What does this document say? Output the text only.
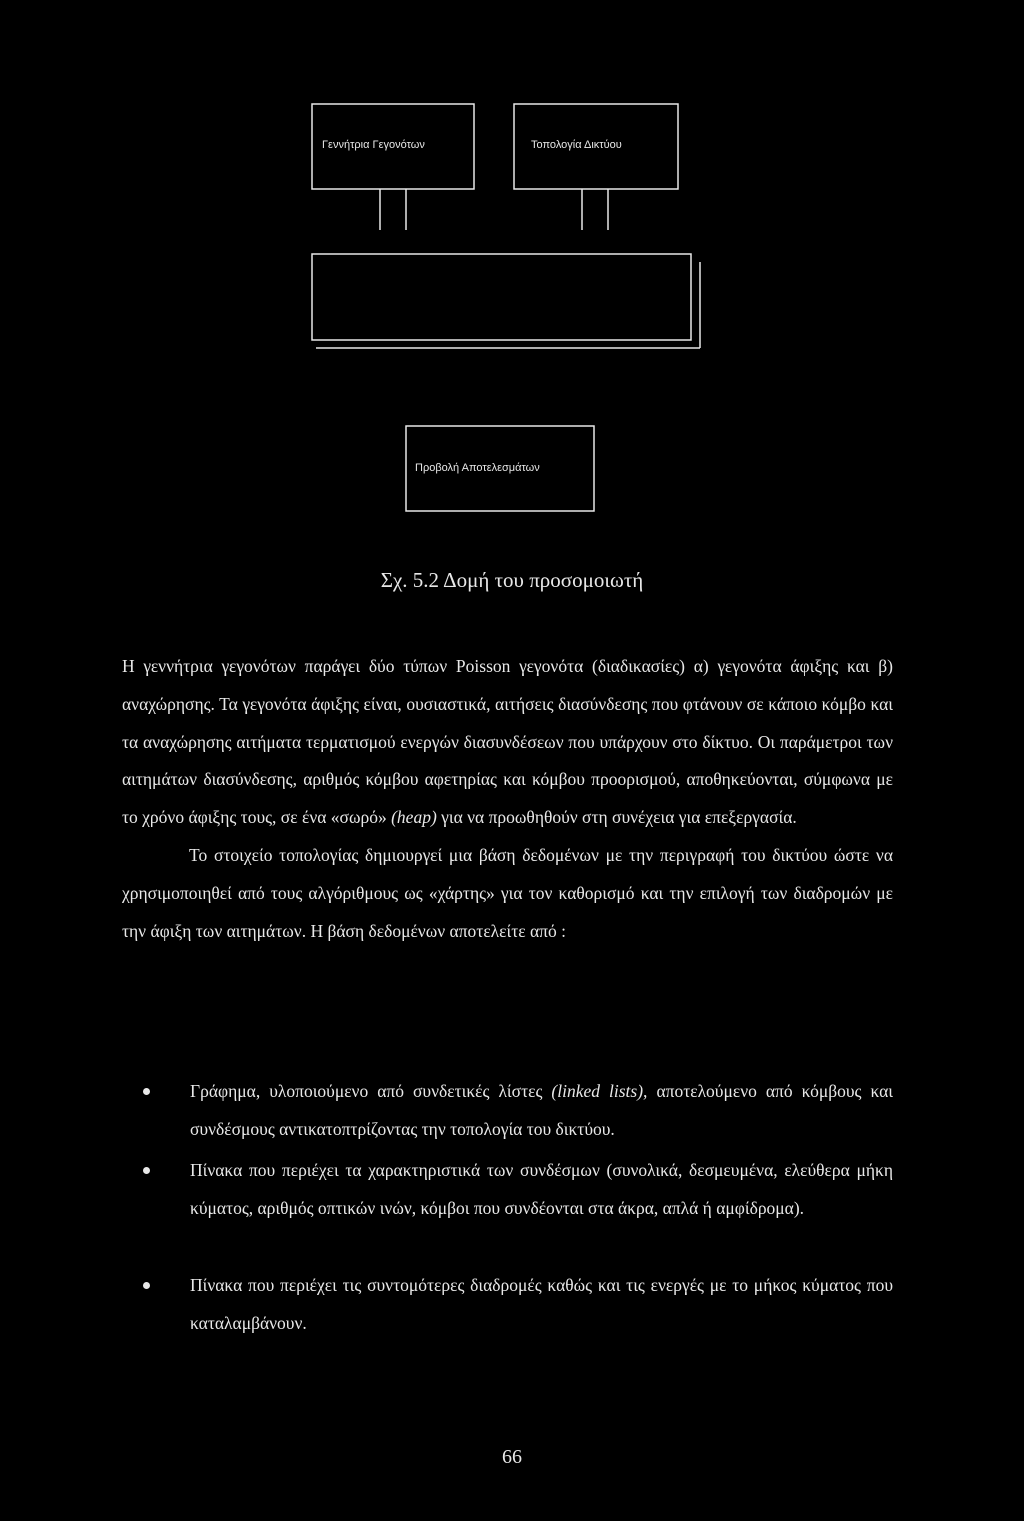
Γεννήτρια Γεγονότων	Τοπολογία Δικτύου
Προβολή Αποτελεσμάτων
Σχ. 5.2 Δομή του προσομοιωτή

Η γεννήτρια γεγονότων παράγει δύο τύπων Poisson γεγονότα (διαδικασίες) α) γεγονότα άφιξης και β) αναχώρησης. Τα γεγονότα άφιξης είναι, ουσιαστικά, αιτήσεις διασύνδεσης που φτάνουν σε κάποιο κόμβο και τα αναχώρησης αιτήματα τερματισμού ενεργών διασυνδέσεων που υπάρχουν στο δίκτυο. Οι παράμετροι των αιτημάτων διασύνδεσης, αριθμός κόμβου αφετηρίας και κόμβου προορισμού, αποθηκεύονται, σύμφωνα με το χρόνο άφιξης τους, σε ένα «σωρό» (heap) για να προωθηθούν στη συνέχεια για επεξεργασία.

Το στοιχείο τοπολογίας δημιουργεί μια βάση δεδομένων με την περιγραφή του δικτύου ώστε να χρησιμοποιηθεί από τους αλγόριθμους ως «χάρτης» για τον καθορισμό και την επιλογή των διαδρομών με την άφιξη των αιτημάτων. Η βάση δεδομένων αποτελείτε από :

Γράφημα, υλοποιούμενο από συνδετικές λίστες (linked lists), αποτελούμενο από κόμβους και συνδέσμους αντικατοπτρίζοντας την τοπολογία του δικτύου.
Πίνακα που περιέχει τα χαρακτηριστικά των συνδέσμων (συνολικά, δεσμευμένα, ελεύθερα μήκη κύματος, αριθμός οπτικών ινών, κόμβοι που συνδέονται στα άκρα, απλά ή αμφίδρομα).
Πίνακα που περιέχει τις συντομότερες διαδρομές καθώς και τις ενεργές με το μήκος κύματος που καταλαμβάνουν.
66
